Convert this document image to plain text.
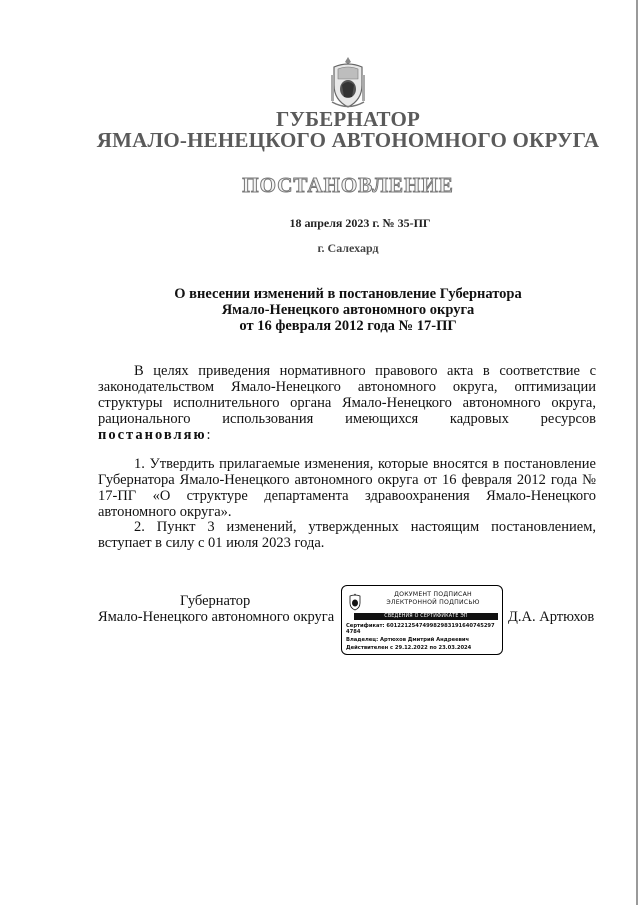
ГУБЕРНАТОР
ЯМАЛО-НЕНЕЦКОГО АВТОНОМНОГО ОКРУГА
ПОСТАНОВЛЕНИЕ
18 апреля 2023 г. № 35-ПГ
г. Салехард
О внесении изменений в постановление Губернатора
Ямало-Ненецкого автономного округа
от 16 февраля 2012 года № 17-ПГ
В целях приведения нормативного правового акта в соответствие с законодательством Ямало-Ненецкого автономного округа, оптимизации структуры исполнительного органа Ямало-Ненецкого автономного округа, рационального использования имеющихся кадровых ресурсов постановляю:
1. Утвердить прилагаемые изменения, которые вносятся в постановление Губернатора Ямало-Ненецкого автономного округа от 16 февраля 2012 года № 17-ПГ «О структуре департамента здравоохранения Ямало-Ненецкого автономного округа».
2. Пункт 3 изменений, утвержденных настоящим постановлением, вступает в силу с 01 июля 2023 года.
Губернатор
Ямало-Ненецкого автономного округа	Д.А. Артюхов
ДОКУМЕНТ ПОДПИСАН
ЭЛЕКТРОННОЙ ПОДПИСЬЮ
СВЕДЕНИЯ О СЕРТИФИКАТЕ ЭП
Сертификат: 601221254749982983191640745297
4784
Владелец: Артюхов Дмитрий Андреевич
Действителен с 29.12.2022 по 23.03.2024
